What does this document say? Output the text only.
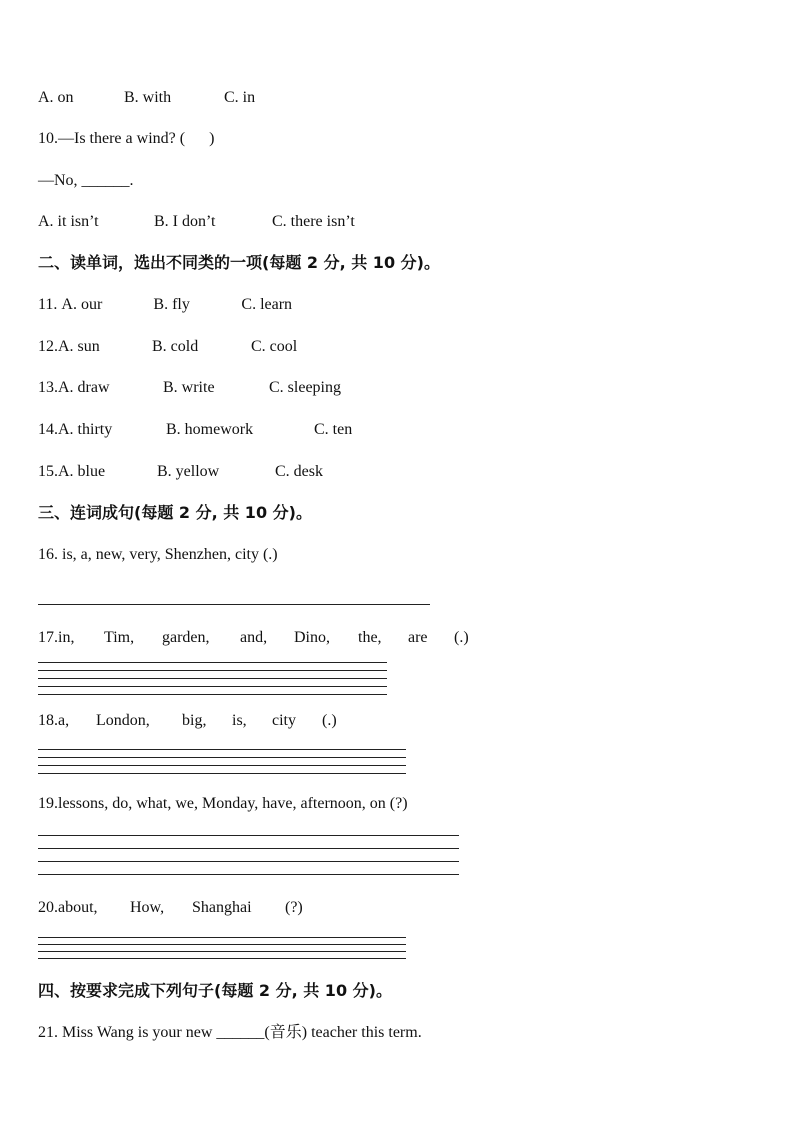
A. on	B. with	C. in
10.—Is there a wind? (      )
—No, ______.
A. it isn’t	B. I don’t	C. there isn’t
二、读单词，选出不同类的一项(每题 2 分, 共 10 分)。
11. A. our	B. fly	C. learn
12.A. sun	B. cold	C. cool
13.A. draw	B. write	C. sleeping
14.A. thirty	B. homework	C. ten
15.A. blue	B. yellow	C. desk
三、连词成句(每题 2 分, 共 10 分)。
16. is, a, new, very, Shenzhen, city (.)
17.in, Tim, garden, and, Dino, the, are (.)
18.a, London, big, is, city (.)
19.lessons, do, what, we, Monday, have, afternoon, on (?)
20.about, How, Shanghai (?)
四、按要求完成下列句子(每题 2 分, 共 10 分)。
21. Miss Wang is your new ______(音乐) teacher this term.
